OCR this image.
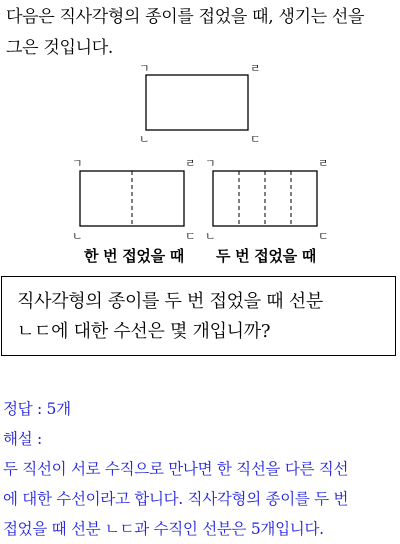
다음은 직사각형의 종이를 접었을 때, 생기는 선을
그은 것입니다.
ㄱ	ㄹ
ㄴ	ㄷ
ㄱ	ㄹ
ㄴ	ㄷ
ㄱ	ㄹ
ㄴ	ㄷ
한 번 접었을 때 두 번 접었을 때
직사각형의 종이를 두 번 접었을 때 선분
ㄴㄷ에 대한 수선은 몇 개입니까?
정답 : 5개
해설 :
두 직선이 서로 수직으로 만나면 한 직선을 다른 직선
에 대한 수선이라고 합니다. 직사각형의 종이를 두 번
접었을 때 선분 ㄴㄷ과 수직인 선분은 5개입니다.
